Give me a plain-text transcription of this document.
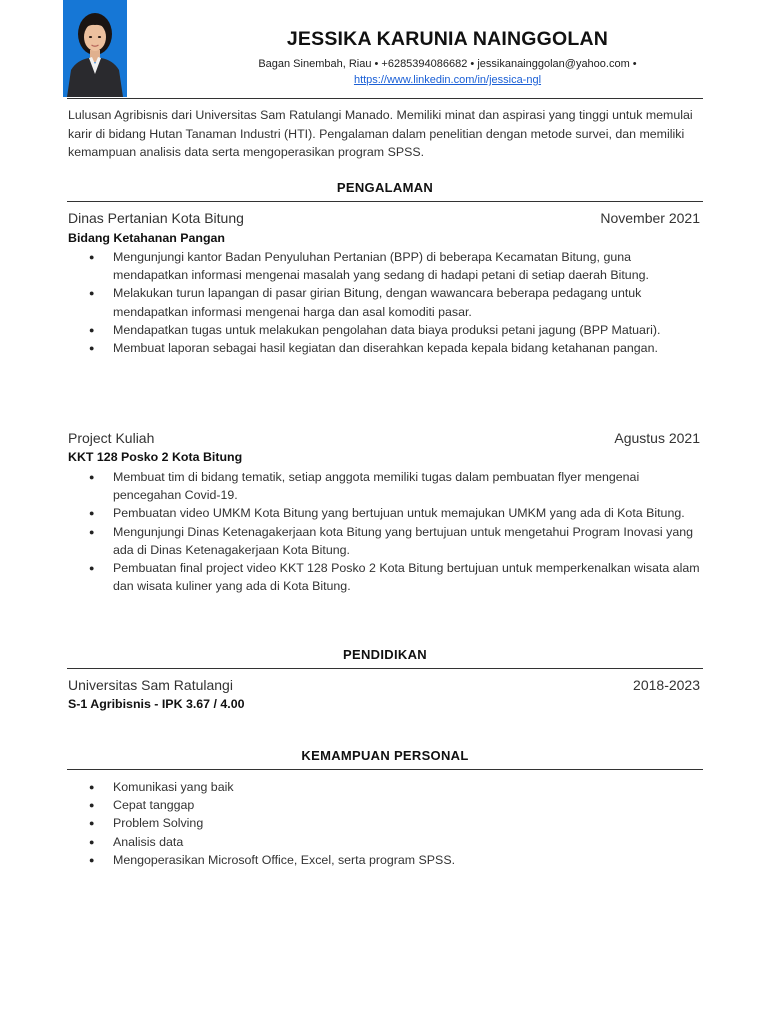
JESSIKA KARUNIA NAINGGOLAN
Bagan Sinembah, Riau • +6285394086682 • jessikanainggolan@yahoo.com •
https://www.linkedin.com/in/jessica-ngl
Lulusan Agribisnis dari Universitas Sam Ratulangi Manado. Memiliki minat dan aspirasi yang tinggi untuk memulai karir di bidang Hutan Tanaman Industri (HTI). Pengalaman dalam penelitian dengan metode survei, dan memiliki kemampuan analisis data serta mengoperasikan program SPSS.
PENGALAMAN
Dinas Pertanian Kota Bitung	November 2021
Bidang Ketahanan Pangan
● Mengunjungi kantor Badan Penyuluhan Pertanian (BPP) di beberapa Kecamatan Bitung, guna mendapatkan informasi mengenai masalah yang sedang di hadapi petani di setiap daerah Bitung.
● Melakukan turun lapangan di pasar girian Bitung, dengan wawancara beberapa pedagang untuk mendapatkan informasi mengenai harga dan asal komoditi pasar.
● Mendapatkan tugas untuk melakukan pengolahan data biaya produksi petani jagung (BPP Matuari).
● Membuat laporan sebagai hasil kegiatan dan diserahkan kepada kepala bidang ketahanan pangan.
Project Kuliah	Agustus 2021
KKT 128 Posko 2 Kota Bitung
● Membuat tim di bidang tematik, setiap anggota memiliki tugas dalam pembuatan flyer mengenai pencegahan Covid-19.
● Pembuatan video UMKM Kota Bitung yang bertujuan untuk memajukan UMKM yang ada di Kota Bitung.
● Mengunjungi Dinas Ketenagakerjaan kota Bitung yang bertujuan untuk mengetahui Program Inovasi yang ada di Dinas Ketenagakerjaan Kota Bitung.
● Pembuatan final project video KKT 128 Posko 2 Kota Bitung bertujuan untuk memperkenalkan wisata alam dan wisata kuliner yang ada di Kota Bitung.
PENDIDIKAN
Universitas Sam Ratulangi	2018-2023
S-1 Agribisnis - IPK 3.67 / 4.00
KEMAMPUAN PERSONAL
● Komunikasi yang baik
● Cepat tanggap
● Problem Solving
● Analisis data
● Mengoperasikan Microsoft Office, Excel, serta program SPSS.
